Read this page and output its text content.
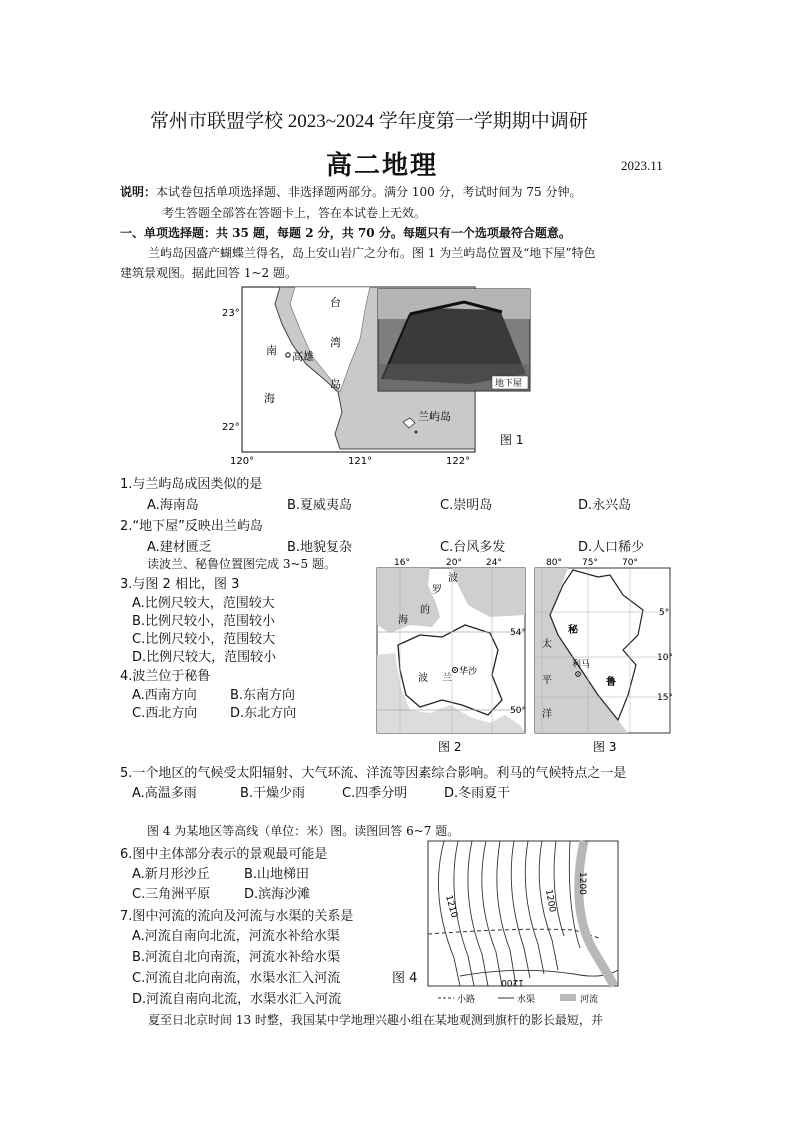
常州市联盟学校 2023~2024 学年度第一学期期中调研
高二地理	2023.11
说明：本试卷包括单项选择题、非选择题两部分。满分 100 分，考试时间为 75 分钟。
考生答题全部答在答题卡上，答在本试卷上无效。
一、单项选择题：共 35 题，每题 2 分，共 70 分。每题只有一个选项最符合题意。
兰屿岛因盛产蝴蝶兰得名，岛上安山岩广之分布。图 1 为兰屿岛位置及“地下屋”特色
建筑景观图。据此回答 1~2 题。
台
湾
岛
南
海
高雄
兰屿岛
23°
22°
120°	121°	122°
地下屋
图 1
1.与兰屿岛成因类似的是
A.海南岛	B.夏威夷岛	C.崇明岛	D.永兴岛
2.“地下屋”反映出兰屿岛
A.建材匮乏	B.地貌复杂	C.台风多发	D.人口稀少
读波兰、秘鲁位置图完成 3~5 题。
3.与图 2 相比，图 3
A.比例尺较大，范围较大
B.比例尺较小，范围较小
C.比例尺较小，范围较大
D.比例尺较大，范围较小
4.波兰位于秘鲁
A.西南方向	B.东南方向
C.西北方向	D.东北方向
16°	20°	24°
54°
50°
波
罗
的
海
波 兰
华沙
图 2
80° 75°	70°
5°
10°
15°
太
平
洋
秘
鲁
利马
图 3
5.一个地区的气候受太阳辐射、大气环流、洋流等因素综合影响。利马的气候特点之一是
A.高温多雨	B.干燥少雨	C.四季分明	D.冬雨夏干
图 4 为某地区等高线（单位：米）图。读图回答 6~7 题。
6.图中主体部分表示的景观最可能是
A.新月形沙丘	B.山地梯田
C.三角洲平原	D.滨海沙滩
7.图中河流的流向及河流与水渠的关系是
A.河流自南向北流，河流水补给水渠
B.河流自北向南流，河流水补给水渠
C.河流自北向南流，水渠水汇入河流
D.河流自南向北流，水渠水汇入河流
图 4
1210	1200
1200
1200
小路	水渠	河流
夏至日北京时间 13 时整，我国某中学地理兴趣小组在某地观测到旗杆的影长最短，并
